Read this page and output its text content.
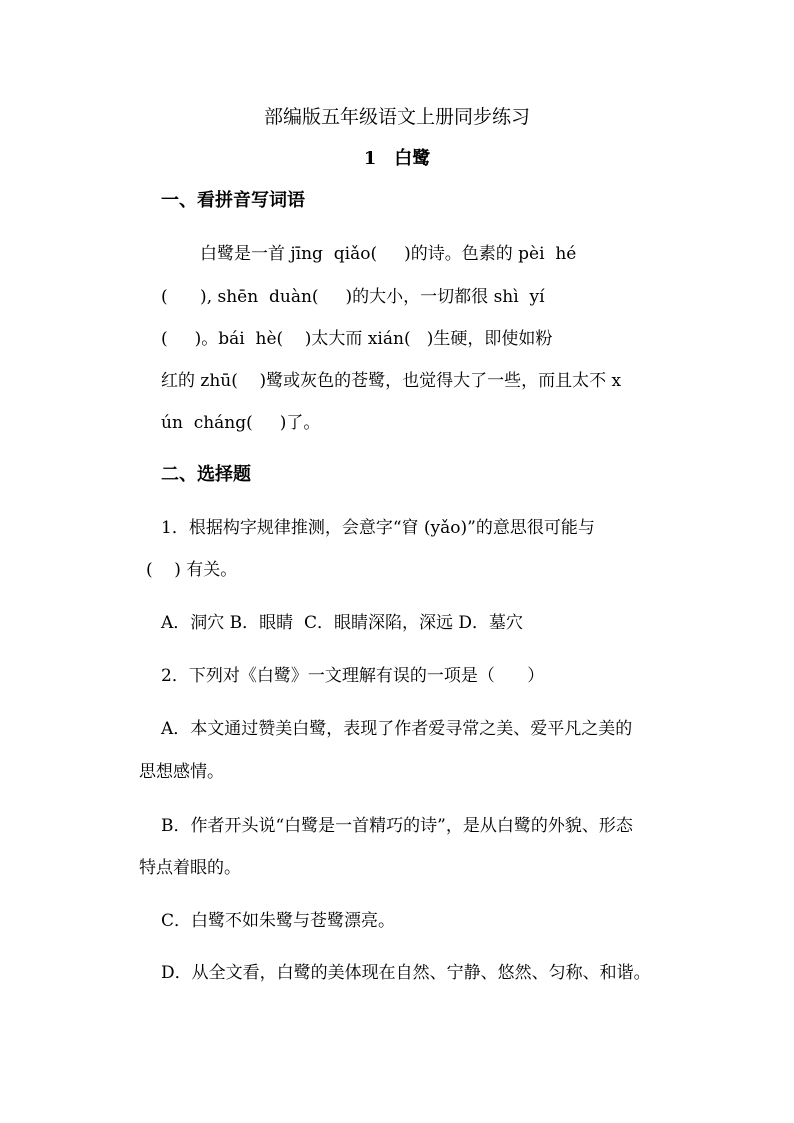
部编版五年级语文上册同步练习
1　白鹭
一、看拼音写词语
白鹭是一首 jīng  qiǎo(     )的诗。色素的 pèi  hé
(      ), shēn  duàn(     )的大小，一切都很 shì  yí
(     )。bái  hè(    )太大而 xián(   )生硬，即使如粉
红的 zhū(    )鹭或灰色的苍鹭，也觉得大了一些，而且太不 x
ún  cháng(     )了。
二、选择题
1．根据构字规律推测，会意字“窅 (yǎo)”的意思很可能与
(    ) 有关。
A．洞穴 B．眼睛  C．眼睛深陷，深远 D．墓穴
2．下列对《白鹭》一文理解有误的一项是（      ）
A．本文通过赞美白鹭，表现了作者爱寻常之美、爱平凡之美的
思想感情。
B．作者开头说“白鹭是一首精巧的诗”，是从白鹭的外貌、形态
特点着眼的。
C．白鹭不如朱鹭与苍鹭漂亮。
D．从全文看，白鹭的美体现在自然、宁静、悠然、匀称、和谐。
